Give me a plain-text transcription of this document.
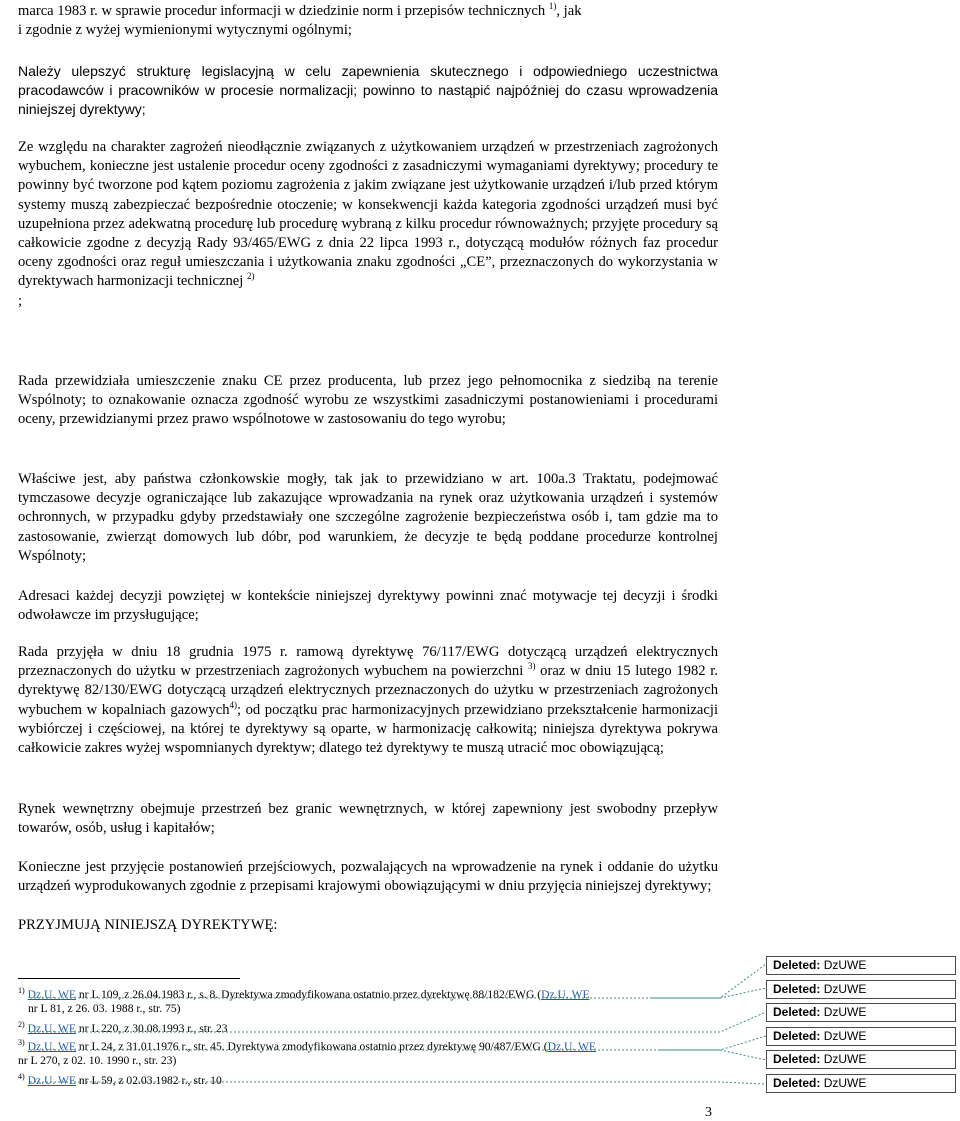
marca 1983 r. w sprawie procedur informacji w dziedzinie norm i przepisów technicznych $^{1)}$, jak
i zgodnie z wyżej wymienionymi wytycznymi ogólnymi;

Należy ulepszyć strukturę legislacyjną w celu zapewnienia skutecznego i odpowiedniego uczestnictwa pracodawców i pracowników w procesie normalizacji; powinno to nastąpić najpóźniej do czasu wprowadzenia niniejszej dyrektywy;

Ze względu na charakter zagrożeń nieodłącznie związanych z użytkowaniem urządzeń w przestrzeniach zagrożonych wybuchem, konieczne jest ustalenie procedur oceny zgodności z zasadniczymi wymaganiami dyrektywy; procedury te powinny być tworzone pod kątem poziomu zagrożenia z jakim związane jest użytkowanie urządzeń i/lub przed którym systemy muszą zabezpieczać bezpośrednie otoczenie; w konsekwencji każda kategoria zgodności urządzeń musi być uzupełniona przez adekwatną procedurę lub procedurę wybraną z kilku procedur równoważnych; przyjęte procedury są całkowicie zgodne z decyzją Rady 93/465/EWG z dnia 22 lipca 1993 r., dotyczącą modułów różnych faz procedur oceny zgodności oraz reguł umieszczania i użytkowania znaku zgodności „CE”, przeznaczonych do wykorzystania w dyrektywach harmonizacji technicznej $^{2)}$
;

Rada przewidziała umieszczenie znaku CE przez producenta, lub przez jego pełnomocnika z siedzibą na terenie Wspólnoty; to oznakowanie oznacza zgodność wyrobu ze wszystkimi zasadniczymi postanowieniami i procedurami oceny, przewidzianymi przez prawo wspólnotowe w zastosowaniu do tego wyrobu;

Właściwe jest, aby państwa członkowskie mogły, tak jak to przewidziano w art. 100a.3 Traktatu, podejmować tymczasowe decyzje ograniczające lub zakazujące wprowadzania na rynek oraz użytkowania urządzeń i systemów ochronnych, w przypadku gdyby przedstawiały one szczególne zagrożenie bezpieczeństwa osób i, tam gdzie ma to zastosowanie, zwierząt domowych lub dóbr, pod warunkiem, że decyzje te będą poddane procedurze kontrolnej Wspólnoty;

Adresaci każdej decyzji powziętej w kontekście niniejszej dyrektywy powinni znać motywacje tej decyzji i środki odwoławcze im przysługujące;

Rada przyjęła w dniu 18 grudnia 1975 r. ramową dyrektywę 76/117/EWG dotyczącą urządzeń elektrycznych przeznaczonych do użytku w przestrzeniach zagrożonych wybuchem na powierzchni $^{3)}$ oraz w dniu 15 lutego 1982 r. dyrektywę 82/130/EWG dotyczącą urządzeń elektrycznych przeznaczonych do użytku w przestrzeniach zagrożonych wybuchem w kopalniach gazowych$^{4)}$; od początku prac harmonizacyjnych przewidziano przekształcenie harmonizacji wybiórczej i częściowej, na której te dyrektywy są oparte, w harmonizację całkowitą; niniejsza dyrektywa pokrywa całkowicie zakres wyżej wspomnianych dyrektyw; dlatego też dyrektywy te muszą utracić moc obowiązującą;

Rynek wewnętrzny obejmuje przestrzeń bez granic wewnętrznych, w której zapewniony jest swobodny przepływ towarów, osób, usług i kapitałów;

Konieczne jest przyjęcie postanowień przejściowych, pozwalających na wprowadzenie na rynek i oddanie do użytku urządzeń wyprodukowanych zgodnie z przepisami krajowymi obowiązującymi w dniu przyjęcia niniejszej dyrektywy;

PRZYJMUJĄ NINIEJSZĄ DYREKTYWĘ:

$^{1)}$ Dz.U. WE nr L 109, z 26.04.1983 r., s. 8. Dyrektywa zmodyfikowana ostatnio przez dyrektywę 88/182/EWG (Dz.U. WE
nr L 81, z 26. 03. 1988 r., str. 75)
$^{2)}$ Dz.U. WE nr L 220, z 30.08.1993 r., str. 23
$^{3)}$ Dz.U. WE nr L 24, z 31.01.1976 r., str. 45. Dyrektywa zmodyfikowana ostatnio przez dyrektywę 90/487/EWG (Dz.U. WE
nr L 270, z 02. 10. 1990 r., str. 23)
$^{4)}$ Dz.U. WE nr L 59, z 02.03.1982 r., str. 10
Deleted: DzUWE
Deleted: DzUWE
Deleted: DzUWE
Deleted: DzUWE
Deleted: DzUWE
Deleted: DzUWE
3
